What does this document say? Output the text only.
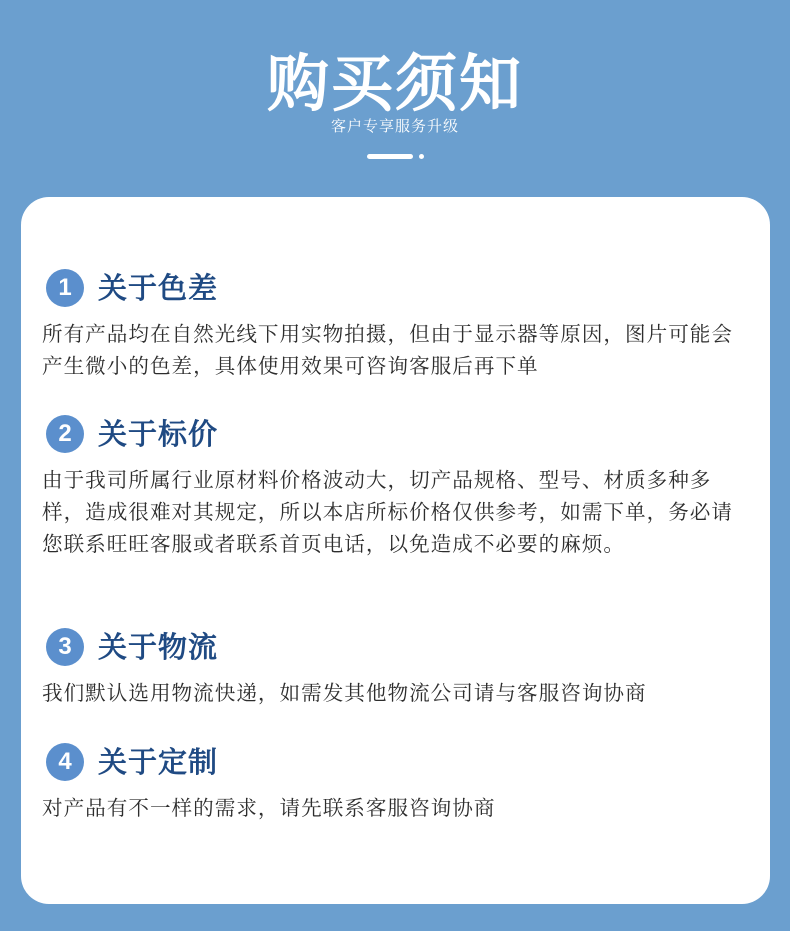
购买须知
客户专享服务升级
1 关于色差
所有产品均在自然光线下用实物拍摄，但由于显示器等原因，图片可能会产生微小的色差，具体使用效果可咨询客服后再下单
2 关于标价
由于我司所属行业原材料价格波动大，切产品规格、型号、材质多种多样，造成很难对其规定，所以本店所标价格仅供参考，如需下单，务必请您联系旺旺客服或者联系首页电话，以免造成不必要的麻烦。
3 关于物流
我们默认选用物流快递，如需发其他物流公司请与客服咨询协商
4 关于定制
对产品有不一样的需求，请先联系客服咨询协商
